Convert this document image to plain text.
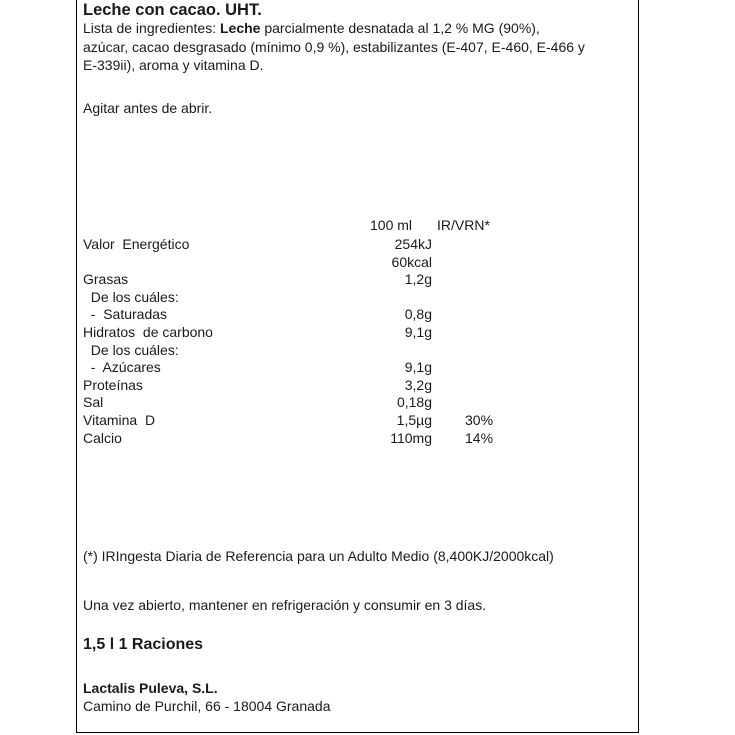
Leche con cacao. UHT.
Lista de ingredientes: Leche parcialmente desnatada al 1,2 % MG (90%),
azúcar, cacao desgrasado (mínimo 0,9 %), estabilizantes (E-407, E-460, E-466 y
E-339ii), aroma y vitamina D.
Agitar antes de abrir.
100 ml IR/VRN*
Valor  Energético	254kJ
60kcal
Grasas	1,2g
De los cuáles:
-  Saturadas	0,8g
Hidratos  de carbono	9,1g
De los cuáles:
-  Azúcares	9,1g
Proteínas	3,2g
Sal	0,18g
Vitamina  D	1,5µg 30%
Calcio	110mg 14%
(*) IRIngesta Diaria de Referencia para un Adulto Medio (8,400KJ/2000kcal)
Una vez abierto, mantener en refrigeración y consumir en 3 días.
1,5 l 1 Raciones
Lactalis Puleva, S.L.
Camino de Purchil, 66 - 18004 Granada
